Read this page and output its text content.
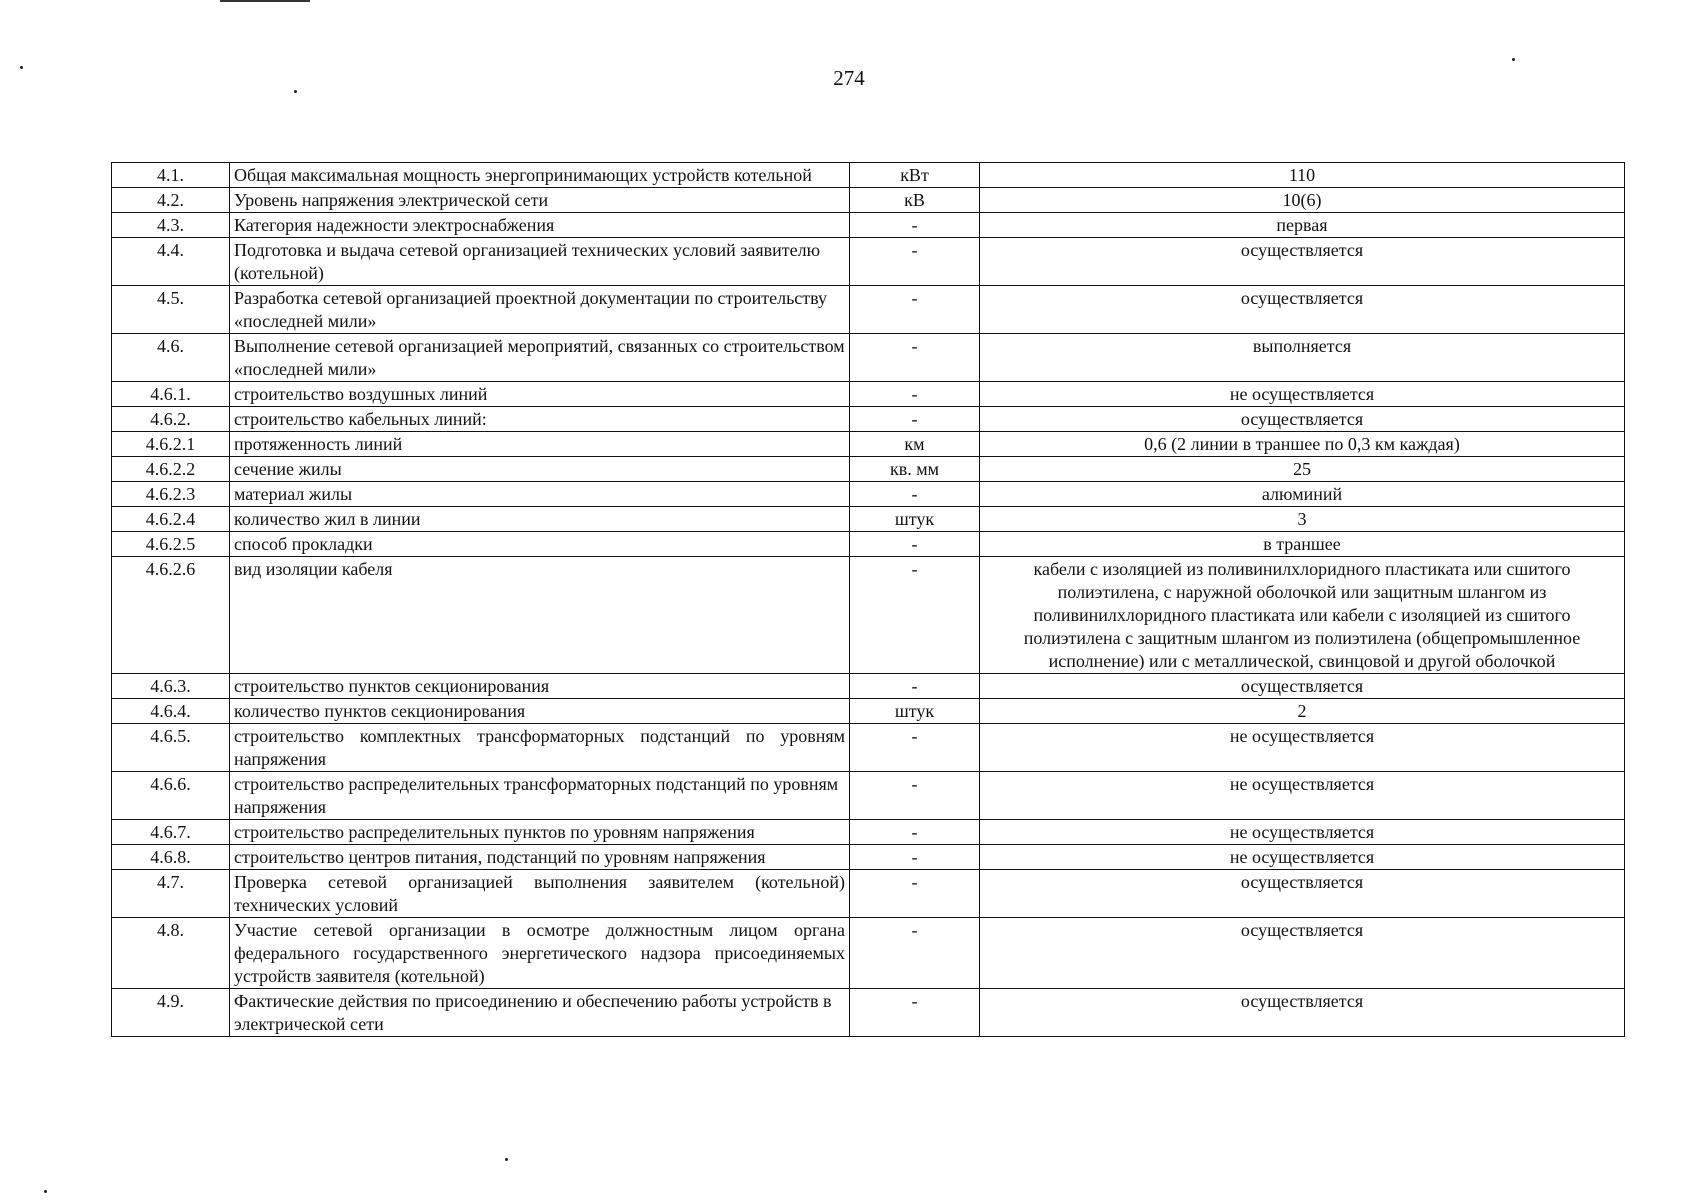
274
4.1.	Общая максимальная мощность энергопринимающих устройств котельной	кВт	110
4.2.	Уровень напряжения электрической сети	кВ	10(6)
4.3.	Категория надежности электроснабжения	-	первая
4.4.	Подготовка и выдача сетевой организацией технических условий заявителю (котельной)	-	осуществляется
4.5.	Разработка сетевой организацией проектной документации по строительству «последней мили»	-	осуществляется
4.6.	Выполнение сетевой организацией мероприятий, связанных со строительством «последней мили»	-	выполняется
4.6.1.	строительство воздушных линий	-	не осуществляется
4.6.2.	строительство кабельных линий:	-	осуществляется
4.6.2.1	протяженность линий	км	0,6 (2 линии в траншее по 0,3 км каждая)
4.6.2.2	сечение жилы	кв. мм	25
4.6.2.3	материал жилы	-	алюминий
4.6.2.4	количество жил в линии	штук	3
4.6.2.5	способ прокладки	-	в траншее
4.6.2.6	вид изоляции кабеля	-	кабели с изоляцией из поливинилхлоридного пластиката или сшитого полиэтилена, с наружной оболочкой или защитным шлангом из поливинилхлоридного пластиката или кабели с изоляцией из сшитого полиэтилена с защитным шлангом из полиэтилена (общепромышленное исполнение) или с металлической, свинцовой и другой оболочкой
4.6.3.	строительство пунктов секционирования	-	осуществляется
4.6.4.	количество пунктов секционирования	штук	2
4.6.5.	строительство комплектных трансформаторных подстанций по уровням напряжения	-	не осуществляется
4.6.6.	строительство распределительных трансформаторных подстанций по уровням напряжения	-	не осуществляется
4.6.7.	строительство распределительных пунктов по уровням напряжения	-	не осуществляется
4.6.8.	строительство центров питания, подстанций по уровням напряжения	-	не осуществляется
4.7.	Проверка сетевой организацией выполнения заявителем (котельной) технических условий	-	осуществляется
4.8.	Участие сетевой организации в осмотре должностным лицом органа федерального государственного энергетического надзора присоединяемых устройств заявителя (котельной)	-	осуществляется
4.9.	Фактические действия по присоединению и обеспечению работы устройств в электрической сети	-	осуществляется
